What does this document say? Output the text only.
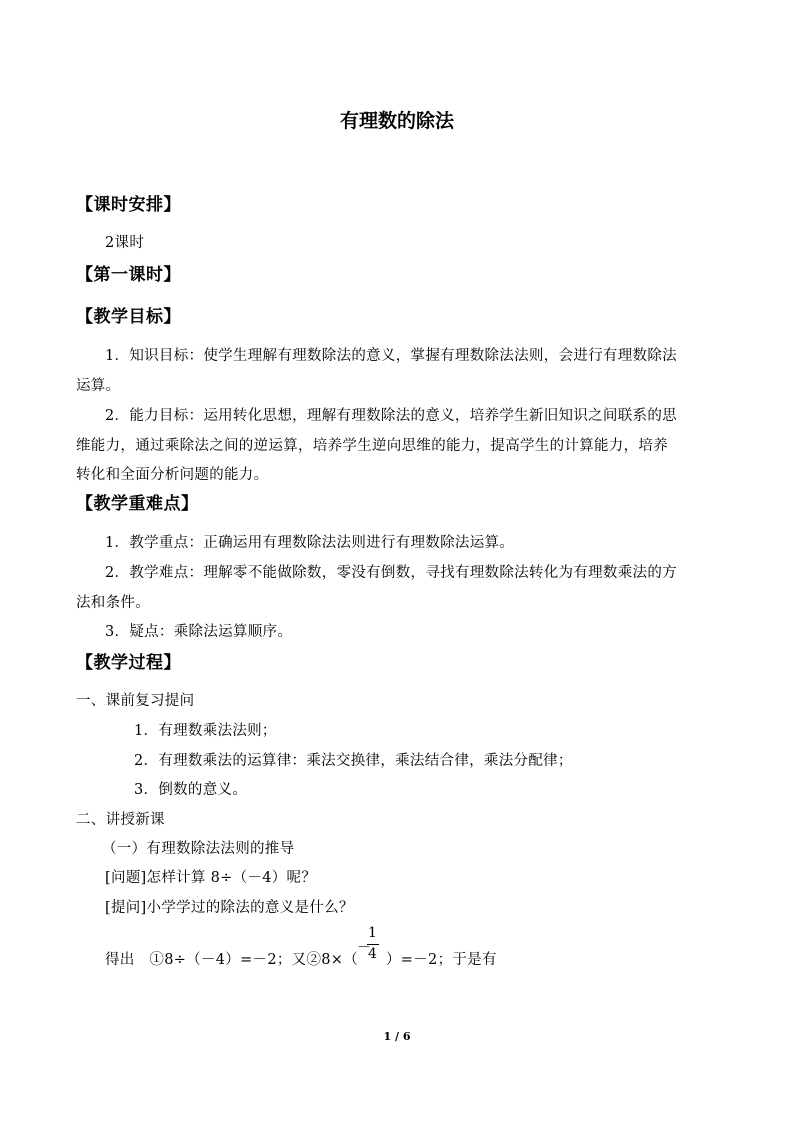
有理数的除法
【课时安排】
2课时
【第一课时】
【教学目标】
1．知识目标：使学生理解有理数除法的意义，掌握有理数除法法则，会进行有理数除法
运算。
2．能力目标：运用转化思想，理解有理数除法的意义，培养学生新旧知识之间联系的思
维能力，通过乘除法之间的逆运算，培养学生逆向思维的能力，提高学生的计算能力，培养
转化和全面分析问题的能力。
【教学重难点】
1．教学重点：正确运用有理数除法法则进行有理数除法运算。
2．教学难点：理解零不能做除数，零没有倒数，寻找有理数除法转化为有理数乘法的方
法和条件。
3．疑点：乘除法运算顺序。
【教学过程】
一、课前复习提问
1．有理数乘法法则；
2．有理数乘法的运算律：乘法交换律，乘法结合律，乘法分配律；
3．倒数的意义。
二、讲授新课
（一）有理数除法法则的推导
[问题]怎样计算 8÷（－4）呢？
[提问]小学学过的除法的意义是什么？
得出　①8÷（－4）=－2；又②8×（
－
1
4 ）=－2；于是有
1 / 6
